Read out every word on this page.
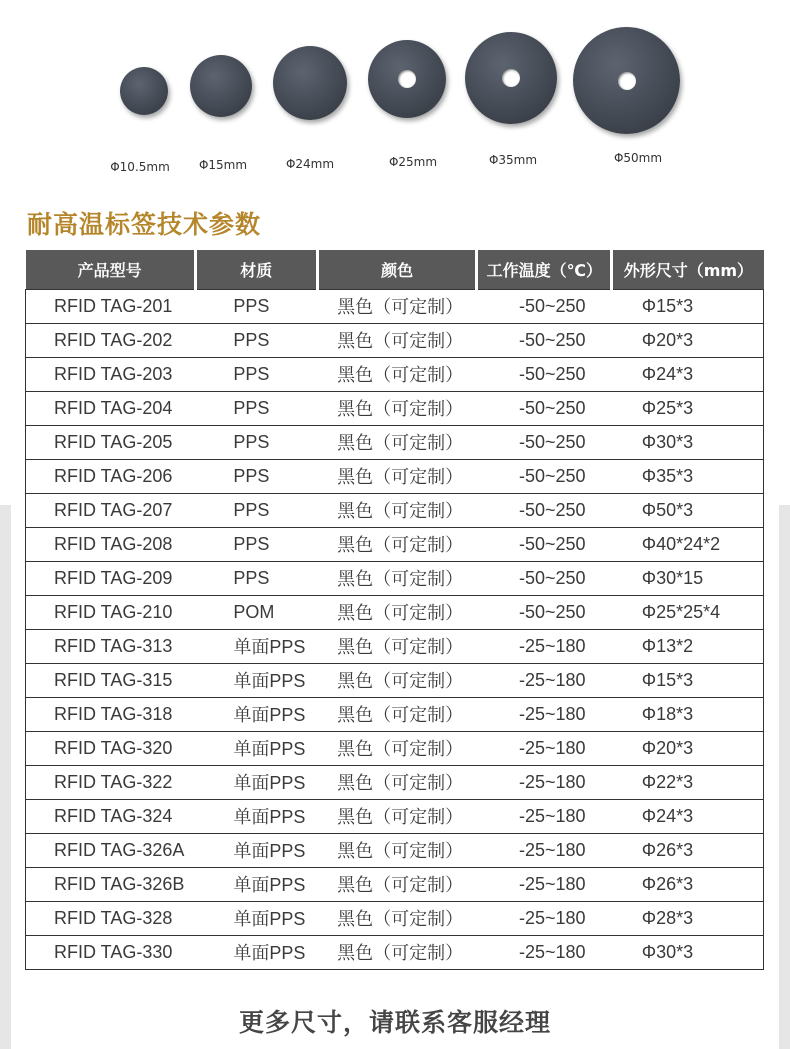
Φ10.5mm Φ15mm	Φ24mm	Φ25mm	Φ35mm	Φ50mm
耐高温标签技术参数
产品型号	材质	颜色	工作温度（℃）	外形尺寸（mm）
RFID TAG-201	PPS	黑色（可定制）	-50~250	Φ15*3
RFID TAG-202	PPS	黑色（可定制）	-50~250	Φ20*3
RFID TAG-203	PPS	黑色（可定制）	-50~250	Φ24*3
RFID TAG-204	PPS	黑色（可定制）	-50~250	Φ25*3
RFID TAG-205	PPS	黑色（可定制）	-50~250	Φ30*3
RFID TAG-206	PPS	黑色（可定制）	-50~250	Φ35*3
RFID TAG-207	PPS	黑色（可定制）	-50~250	Φ50*3
RFID TAG-208	PPS	黑色（可定制）	-50~250	Φ40*24*2
RFID TAG-209	PPS	黑色（可定制）	-50~250	Φ30*15
RFID TAG-210	POM	黑色（可定制）	-50~250	Φ25*25*4
RFID TAG-313	单面PPS	黑色（可定制）	-25~180	Φ13*2
RFID TAG-315	单面PPS	黑色（可定制）	-25~180	Φ15*3
RFID TAG-318	单面PPS	黑色（可定制）	-25~180	Φ18*3
RFID TAG-320	单面PPS	黑色（可定制）	-25~180	Φ20*3
RFID TAG-322	单面PPS	黑色（可定制）	-25~180	Φ22*3
RFID TAG-324	单面PPS	黑色（可定制）	-25~180	Φ24*3
RFID TAG-326A	单面PPS	黑色（可定制）	-25~180	Φ26*3
RFID TAG-326B	单面PPS	黑色（可定制）	-25~180	Φ26*3
RFID TAG-328	单面PPS	黑色（可定制）	-25~180	Φ28*3
RFID TAG-330	单面PPS	黑色（可定制）	-25~180	Φ30*3
更多尺寸，请联系客服经理
